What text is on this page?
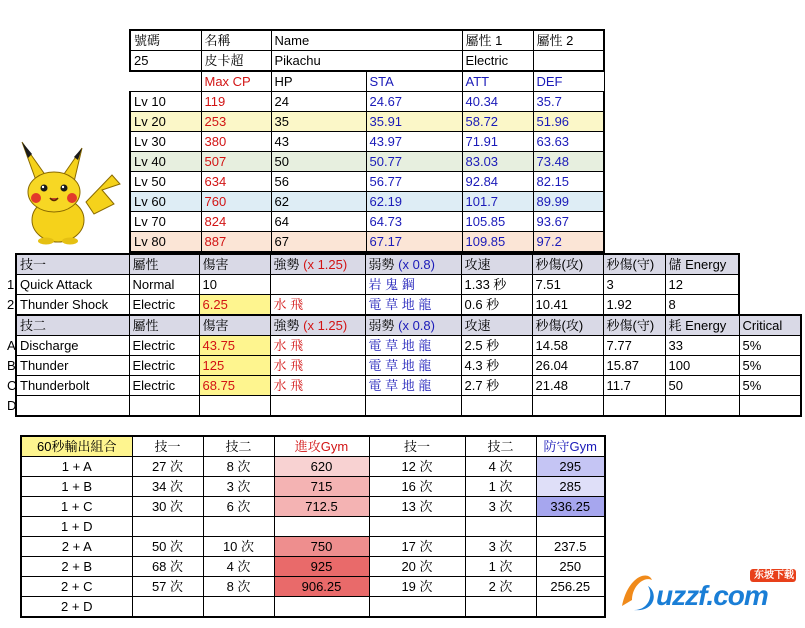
號碼	名稱	Name		屬性 1	屬性 2
25	皮卡超	Pikachu		Electric	
	Max CP	HP	STA	ATT	DEF
Lv 10	119	24	24.67	40.34	35.7
Lv 20	253	35	35.91	58.72	51.96
Lv 30	380	43	43.97	71.91	63.63
Lv 40	507	50	50.77	83.03	73.48
Lv 50	634	56	56.77	92.84	82.15
Lv 60	760	62	62.19	101.7	89.99
Lv 70	824	64	64.73	105.85	93.67
Lv 80	887	67	67.17	109.85	97.2
	技一	屬性	傷害	強勢 (x 1.25)	弱勢 (x 0.8)	攻速	秒傷(攻)	秒傷(守)	儲 Energy	
1	Quick Attack	Normal	10		岩 鬼 鋼	1.33 秒	7.51	3	12	
2	Thunder Shock	Electric	6.25	水 飛	電 草 地 龍	0.6 秒	10.41	1.92	8	
	技二	屬性	傷害	強勢 (x 1.25)	弱勢 (x 0.8)	攻速	秒傷(攻)	秒傷(守)	耗 Energy	Critical
A	Discharge	Electric	43.75	水 飛	電 草 地 龍	2.5 秒	14.58	7.77	33	5%
B	Thunder	Electric	125	水 飛	電 草 地 龍	4.3 秒	26.04	15.87	100	5%
C	Thunderbolt	Electric	68.75	水 飛	電 草 地 龍	2.7 秒	21.48	11.7	50	5%
D										
60秒輸出組合	技一	技二	進攻Gym	技一	技二	防守Gym
1 + A	27 次	8 次	620	12 次	4 次	295
1 + B	34 次	3 次	715	16 次	1 次	285
1 + C	30 次	6 次	712.5	13 次	3 次	336.25
1 + D						
2 + A	50 次	10 次	750	17 次	3 次	237.5
2 + B	68 次	4 次	925	20 次	1 次	250
2 + C	57 次	8 次	906.25	19 次	2 次	256.25
2 + D						
东坡下载
uzzf.com
